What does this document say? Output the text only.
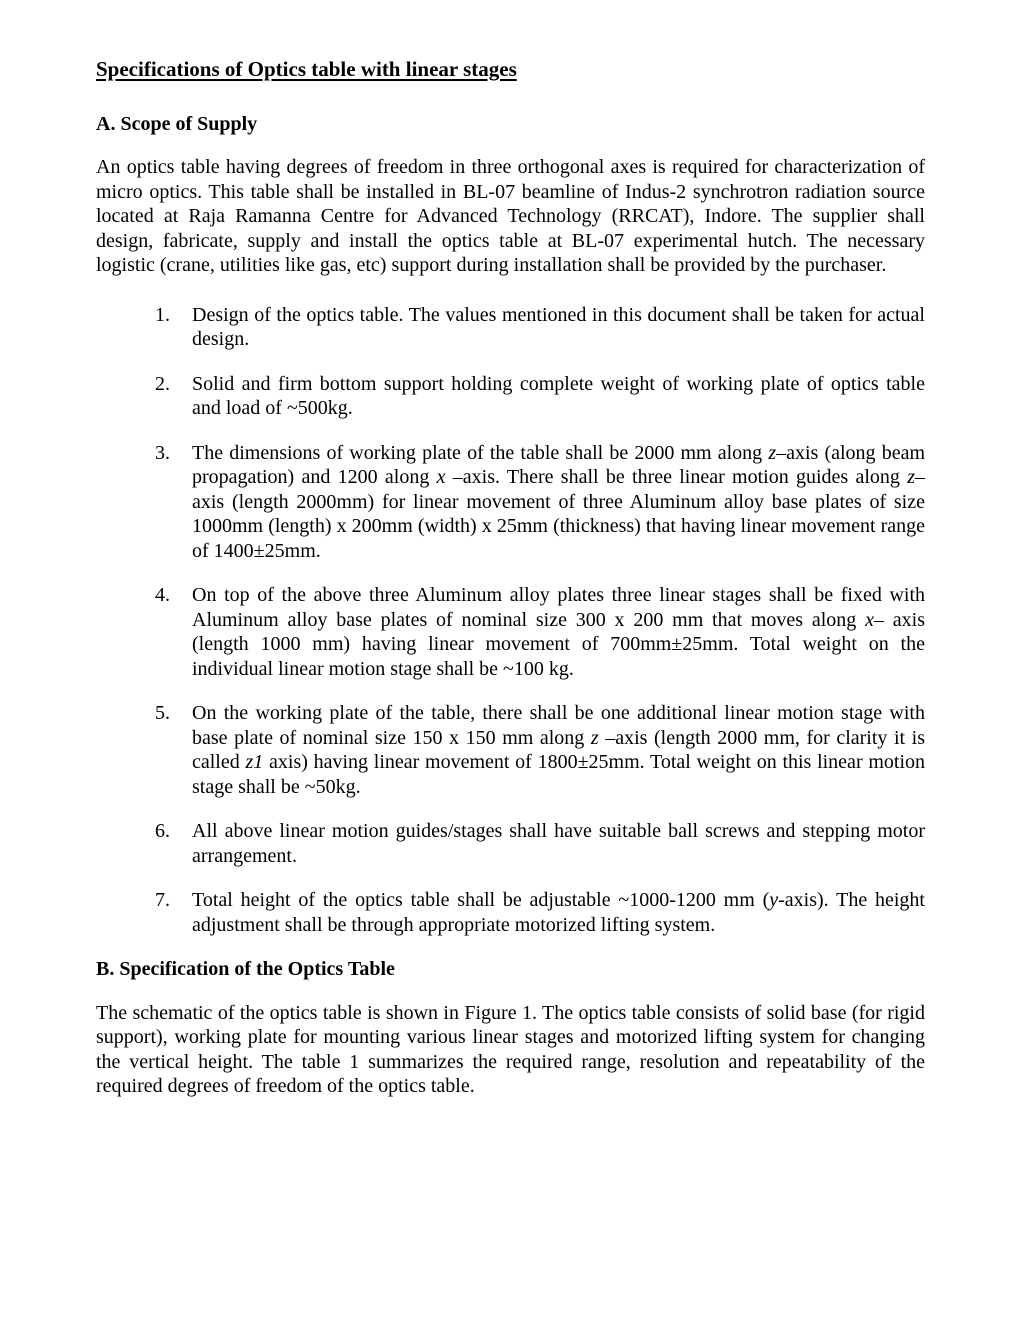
Specifications of Optics table with linear stages
A. Scope of Supply

An optics table having degrees of freedom in three orthogonal axes is required for characterization of micro optics. This table shall be installed in BL-07 beamline of Indus-2 synchrotron radiation source located at Raja Ramanna Centre for Advanced Technology (RRCAT), Indore. The supplier shall design, fabricate, supply and install the optics table at BL-07 experimental hutch. The necessary logistic (crane, utilities like gas, etc) support during installation shall be provided by the purchaser.

1. Design of the optics table. The values mentioned in this document shall be taken for actual design.
2. Solid and firm bottom support holding complete weight of working plate of optics table and load of ~500kg.
3. The dimensions of working plate of the table shall be 2000 mm along z–axis (along beam propagation) and 1200 along x –axis. There shall be three linear motion guides along z–axis (length 2000mm) for linear movement of three Aluminum alloy base plates of size 1000mm (length) x 200mm (width) x 25mm (thickness) that having linear movement range of 1400±25mm.
4. On top of the above three Aluminum alloy plates three linear stages shall be fixed with Aluminum alloy base plates of nominal size 300 x 200 mm that moves along x– axis (length 1000 mm) having linear movement of 700mm±25mm. Total weight on the individual linear motion stage shall be ~100 kg.
5. On the working plate of the table, there shall be one additional linear motion stage with base plate of nominal size 150 x 150 mm along z –axis (length 2000 mm, for clarity it is called z1 axis) having linear movement of 1800±25mm. Total weight on this linear motion stage shall be ~50kg.
6. All above linear motion guides/stages shall have suitable ball screws and stepping motor arrangement.
7. Total height of the optics table shall be adjustable ~1000-1200 mm (y-axis). The height adjustment shall be through appropriate motorized lifting system.
B. Specification of the Optics Table

The schematic of the optics table is shown in Figure 1. The optics table consists of solid base (for rigid support), working plate for mounting various linear stages and motorized lifting system for changing the vertical height. The table 1 summarizes the required range, resolution and repeatability of the required degrees of freedom of the optics table.
